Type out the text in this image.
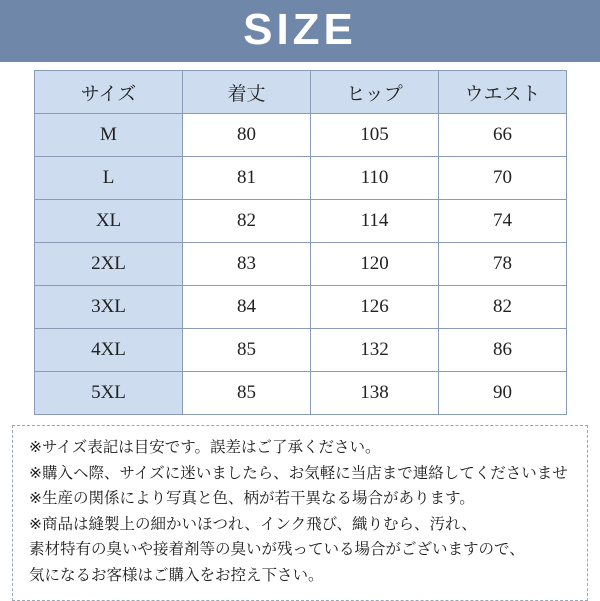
SIZE
サイズ	着丈	ヒップ	ウエスト
M	80	105	66
L	81	110	70
XL	82	114	74
2XL	83	120	78
3XL	84	126	82
4XL	85	132	86
5XL	85	138	90
※サイズ表記は目安です。誤差はご了承ください。
※購入ヘ際、サイズに迷いましたら、お気軽に当店まで連絡してくださいませ
※生産の関係により写真と色、柄が若干異なる場合があります。
※商品は縫製上の細かいほつれ、インク飛び、織りむら、汚れ、
素材特有の臭いや接着剤等の臭いが残っている場合がございますので、
気になるお客様はご購入をお控え下さい。
